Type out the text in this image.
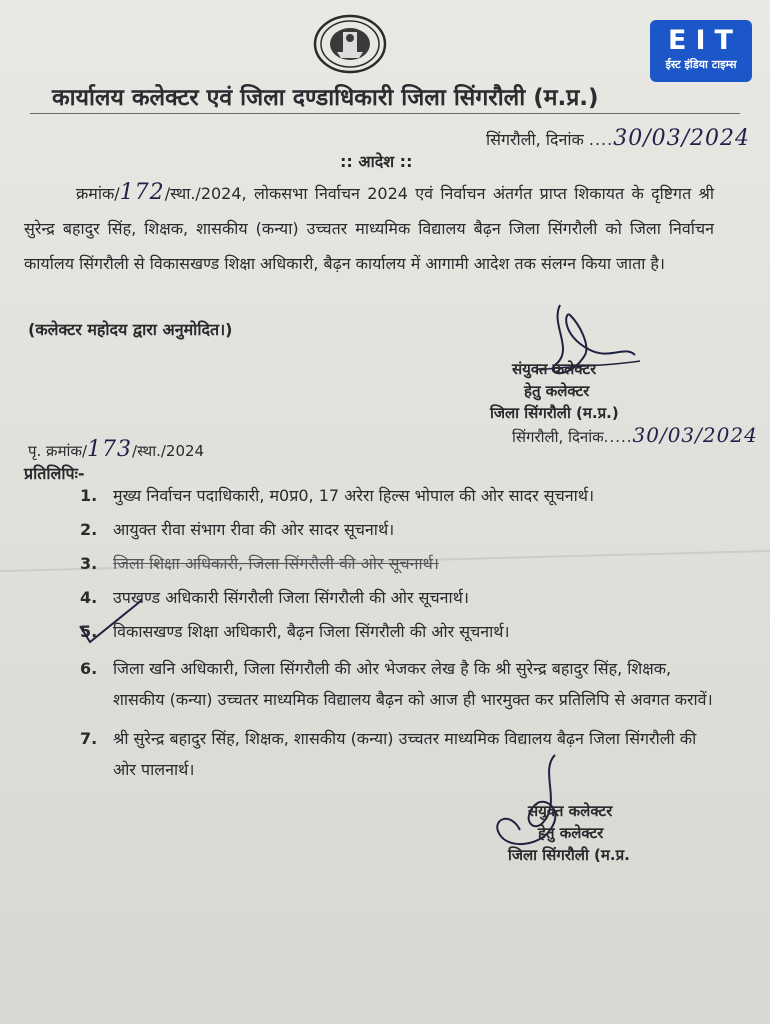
EIT
ईस्ट इंडिया टाइम्स
कार्यालय कलेक्टर एवं जिला दण्डाधिकारी जिला सिंगरौली (म.प्र.)
सिंगरौली, दिनांक ....30/03/2024
:: आदेश ::
क्रमांक/172/स्था./2024, लोकसभा निर्वाचन 2024 एवं निर्वाचन अंतर्गत प्राप्त शिकायत के दृष्टिगत श्री सुरेन्द्र बहादुर सिंह, शिक्षक, शासकीय (कन्या) उच्चतर माध्यमिक विद्यालय बैढ़न जिला सिंगरौली को जिला निर्वाचन कार्यालय सिंगरौली से विकासखण्ड शिक्षा अधिकारी, बैढ़न कार्यालय में आगामी आदेश तक संलग्न किया जाता है।
(कलेक्टर महोदय द्वारा अनुमोदित।)
संयुक्त कलेक्टर
हेतु कलेक्टर
जिला सिंगरौली (म.प्र.)
सिंगरौली, दिनांक.....30/03/2024
पृ. क्रमांक/173/स्था./2024
प्रतिलिपिः-
1. मुख्य निर्वाचन पदाधिकारी, म0प्र0, 17 अरेरा हिल्स भोपाल की ओर सादर सूचनार्थ।
2. आयुक्त रीवा संभाग रीवा की ओर सादर सूचनार्थ।
3. जिला शिक्षा अधिकारी, जिला सिंगरौली की ओर सूचनार्थ।
4. उपखण्ड अधिकारी सिंगरौली जिला सिंगरौली की ओर सूचनार्थ।
5. विकासखण्ड शिक्षा अधिकारी, बैढ़न जिला सिंगरौली की ओर सूचनार्थ।
6. जिला खनि अधिकारी, जिला सिंगरौली की ओर भेजकर लेख है कि श्री सुरेन्द्र बहादुर सिंह, शिक्षक, शासकीय (कन्या) उच्चतर माध्यमिक विद्यालय बैढ़न को आज ही भारमुक्त कर प्रतिलिपि से अवगत करावें।
7. श्री सुरेन्द्र बहादुर सिंह, शिक्षक, शासकीय (कन्या) उच्चतर माध्यमिक विद्यालय बैढ़न जिला सिंगरौली की ओर पालनार्थ।
संयुक्त कलेक्टर
हेतु कलेक्टर
जिला सिंगरौली (म.प्र.
